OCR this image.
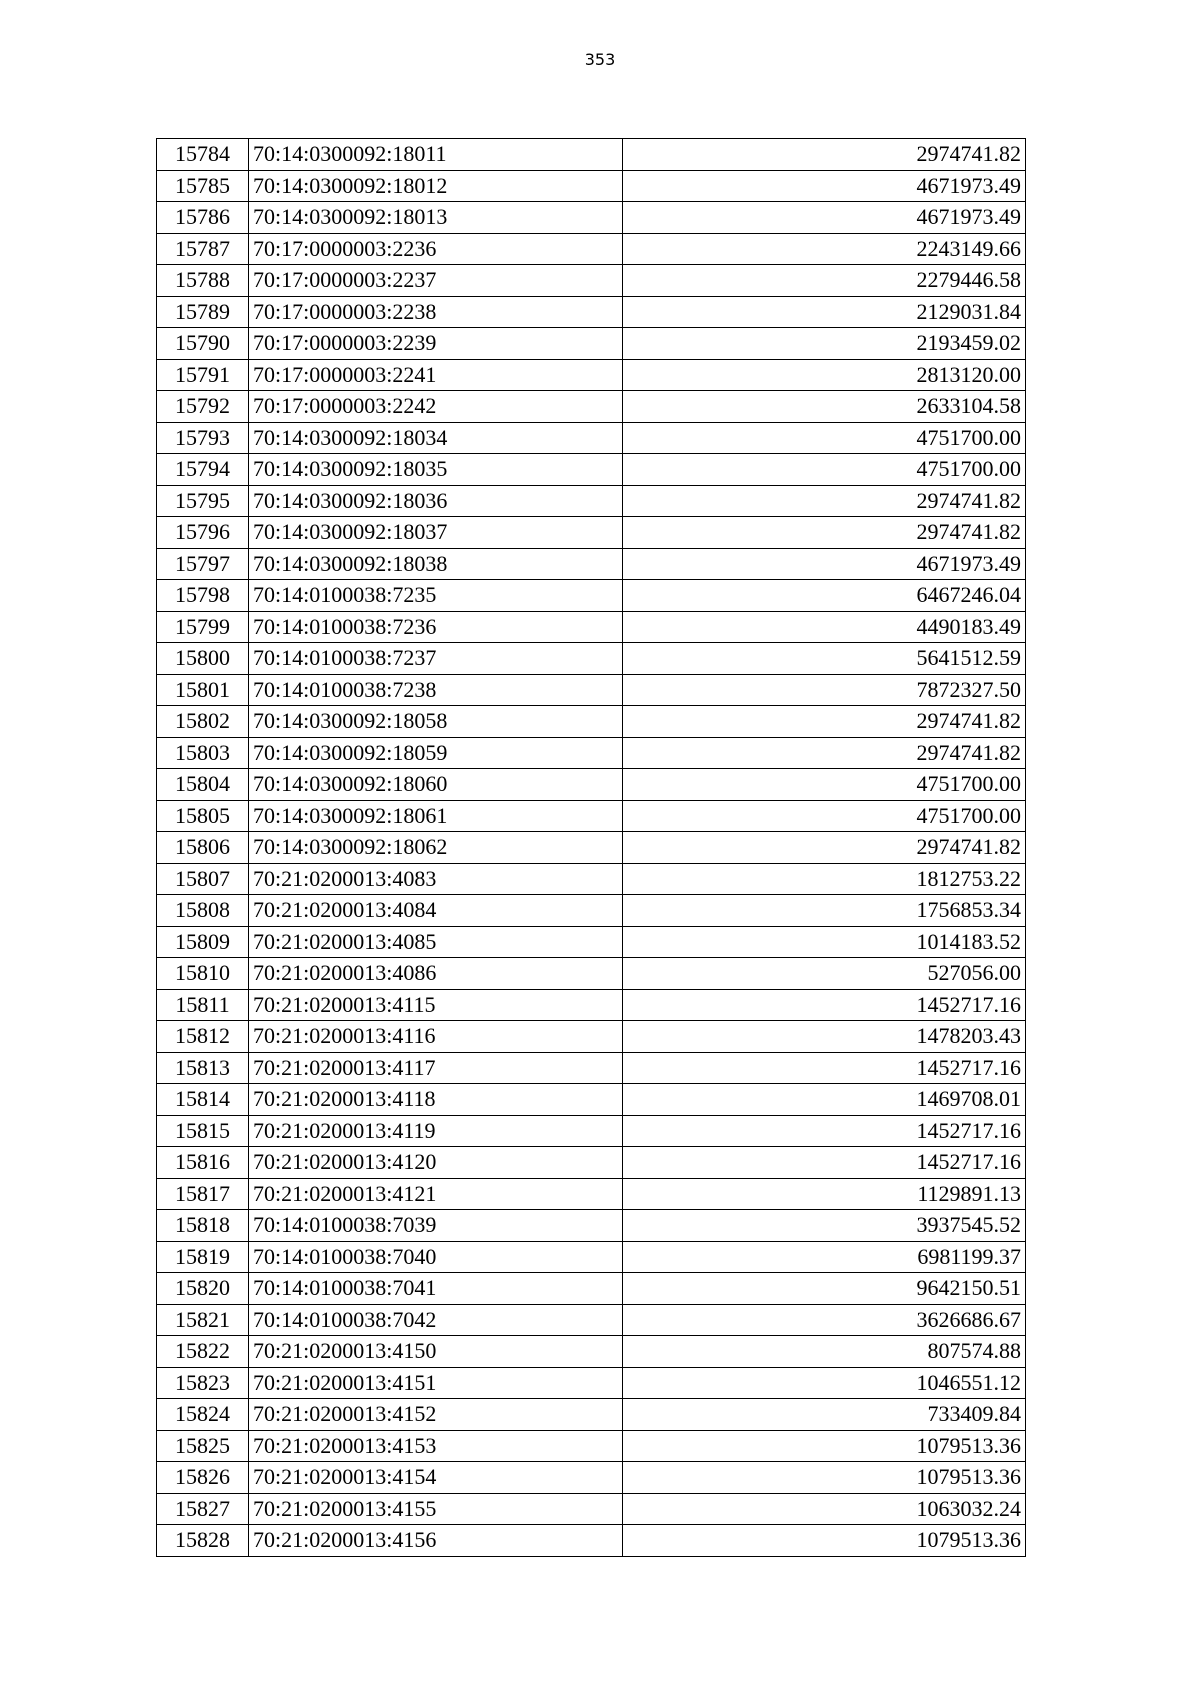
353
15784	70:14:0300092:18011	2974741.82
15785	70:14:0300092:18012	4671973.49
15786	70:14:0300092:18013	4671973.49
15787	70:17:0000003:2236	2243149.66
15788	70:17:0000003:2237	2279446.58
15789	70:17:0000003:2238	2129031.84
15790	70:17:0000003:2239	2193459.02
15791	70:17:0000003:2241	2813120.00
15792	70:17:0000003:2242	2633104.58
15793	70:14:0300092:18034	4751700.00
15794	70:14:0300092:18035	4751700.00
15795	70:14:0300092:18036	2974741.82
15796	70:14:0300092:18037	2974741.82
15797	70:14:0300092:18038	4671973.49
15798	70:14:0100038:7235	6467246.04
15799	70:14:0100038:7236	4490183.49
15800	70:14:0100038:7237	5641512.59
15801	70:14:0100038:7238	7872327.50
15802	70:14:0300092:18058	2974741.82
15803	70:14:0300092:18059	2974741.82
15804	70:14:0300092:18060	4751700.00
15805	70:14:0300092:18061	4751700.00
15806	70:14:0300092:18062	2974741.82
15807	70:21:0200013:4083	1812753.22
15808	70:21:0200013:4084	1756853.34
15809	70:21:0200013:4085	1014183.52
15810	70:21:0200013:4086	527056.00
15811	70:21:0200013:4115	1452717.16
15812	70:21:0200013:4116	1478203.43
15813	70:21:0200013:4117	1452717.16
15814	70:21:0200013:4118	1469708.01
15815	70:21:0200013:4119	1452717.16
15816	70:21:0200013:4120	1452717.16
15817	70:21:0200013:4121	1129891.13
15818	70:14:0100038:7039	3937545.52
15819	70:14:0100038:7040	6981199.37
15820	70:14:0100038:7041	9642150.51
15821	70:14:0100038:7042	3626686.67
15822	70:21:0200013:4150	807574.88
15823	70:21:0200013:4151	1046551.12
15824	70:21:0200013:4152	733409.84
15825	70:21:0200013:4153	1079513.36
15826	70:21:0200013:4154	1079513.36
15827	70:21:0200013:4155	1063032.24
15828	70:21:0200013:4156	1079513.36
